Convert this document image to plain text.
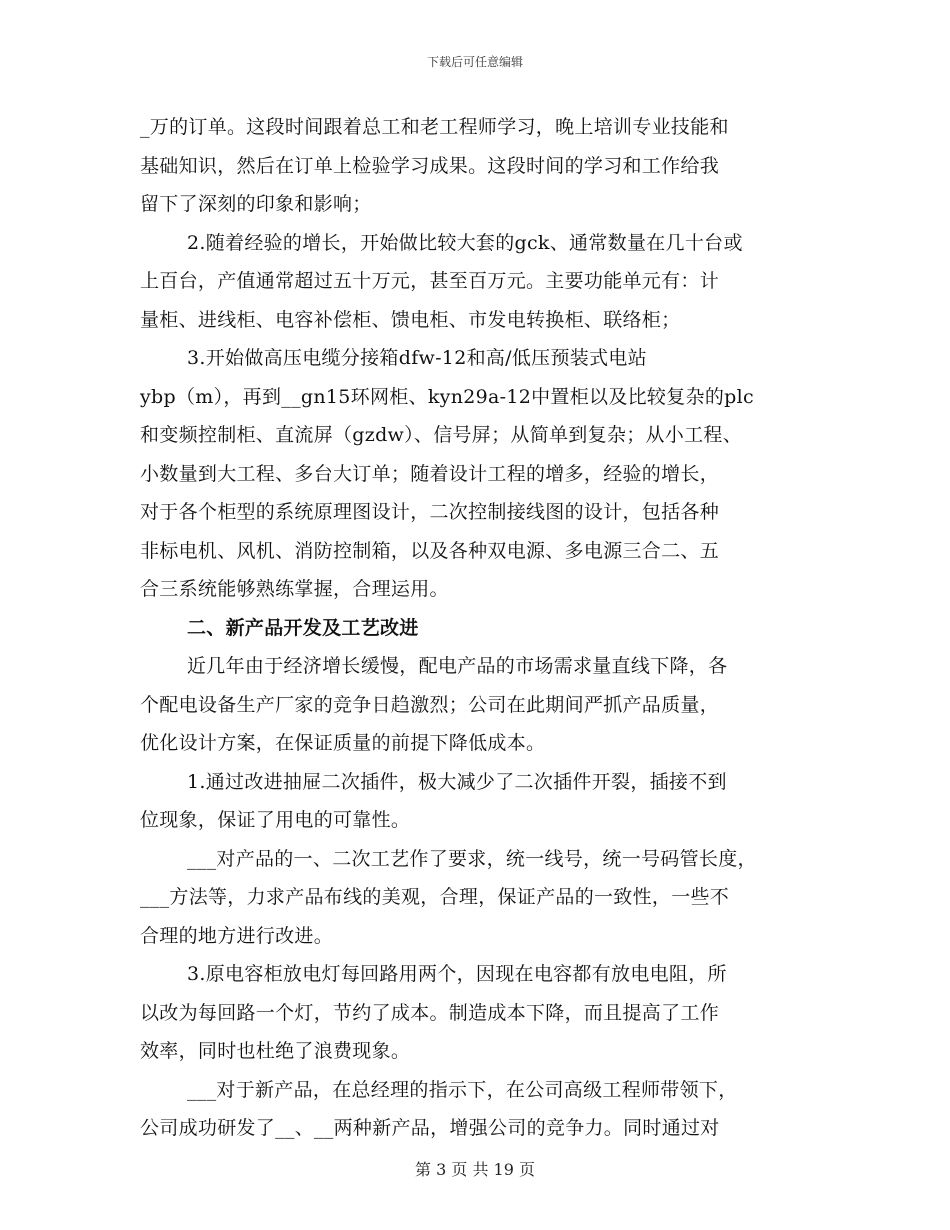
下载后可任意编辑
_万的订单。这段时间跟着总工和老工程师学习，晚上培训专业技能和
基础知识，然后在订单上检验学习成果。这段时间的学习和工作给我
留下了深刻的印象和影响；
2.随着经验的增长，开始做比较大套的gck、通常数量在几十台或
上百台，产值通常超过五十万元，甚至百万元。主要功能单元有：计
量柜、进线柜、电容补偿柜、馈电柜、市发电转换柜、联络柜；
3.开始做高压电缆分接箱dfw-12和高/低压预装式电站
ybp（m），再到__gn15环网柜、kyn29a-12中置柜以及比较复杂的plc
和变频控制柜、直流屏（gzdw）、信号屏；从简单到复杂；从小工程、
小数量到大工程、多台大订单；随着设计工程的增多，经验的增长，
对于各个柜型的系统原理图设计，二次控制接线图的设计，包括各种
非标电机、风机、消防控制箱，以及各种双电源、多电源三合二、五
合三系统能够熟练掌握，合理运用。
二、新产品开发及工艺改进
近几年由于经济增长缓慢，配电产品的市场需求量直线下降，各
个配电设备生产厂家的竞争日趋激烈；公司在此期间严抓产品质量，
优化设计方案，在保证质量的前提下降低成本。
1.通过改进抽屉二次插件，极大减少了二次插件开裂，插接不到
位现象，保证了用电的可靠性。
___对产品的一、二次工艺作了要求，统一线号，统一号码管长度，
___方法等，力求产品布线的美观，合理，保证产品的一致性，一些不
合理的地方进行改进。
3.原电容柜放电灯每回路用两个，因现在电容都有放电电阻，所
以改为每回路一个灯，节约了成本。制造成本下降，而且提高了工作
效率，同时也杜绝了浪费现象。
___对于新产品，在总经理的指示下，在公司高级工程师带领下，
公司成功研发了__、__两种新产品，增强公司的竞争力。同时通过对
第 3 页 共 19 页
